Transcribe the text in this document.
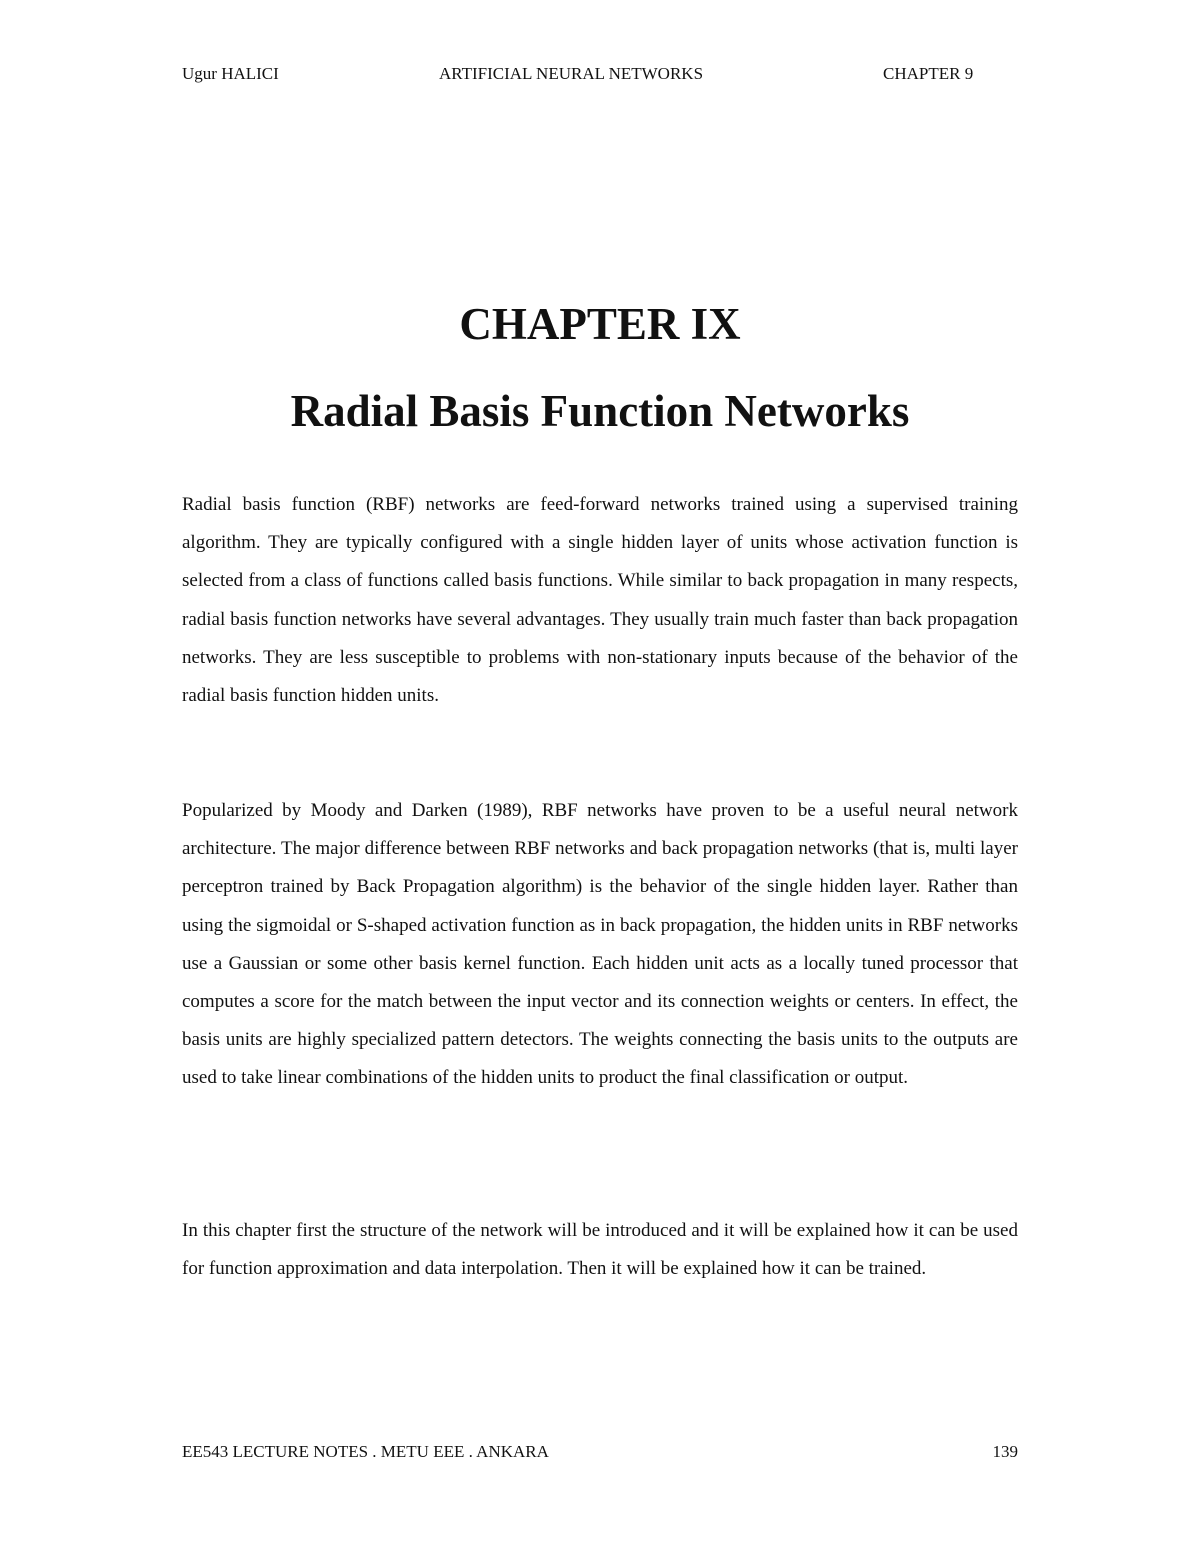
Ugur HALICI	ARTIFICIAL NEURAL NETWORKS	CHAPTER 9
CHAPTER IX
Radial Basis Function Networks

Radial basis function (RBF) networks are feed-forward networks trained using a supervised training algorithm. They are typically configured with a single hidden layer of units whose activation function is selected from a class of functions called basis functions. While similar to back propagation in many respects, radial basis function networks have several advantages. They usually train much faster than back propagation networks. They are less susceptible to problems with non-stationary inputs because of the behavior of the radial basis function hidden units.

Popularized by Moody and Darken (1989), RBF networks have proven to be a useful neural network architecture. The major difference between RBF networks and back propagation networks (that is, multi layer perceptron trained by Back Propagation algorithm) is the behavior of the single hidden layer. Rather than using the sigmoidal or S-shaped activation function as in back propagation, the hidden units in RBF networks use a Gaussian or some other basis kernel function. Each hidden unit acts as a locally tuned processor that computes a score for the match between the input vector and its connection weights or centers. In effect, the basis units are highly specialized pattern detectors. The weights connecting the basis units to the outputs are used to take linear combinations of the hidden units to product the final classification or output.

In this chapter first the structure of the network will be introduced and it will be explained how it can be used for function approximation and data interpolation. Then it will be explained how it can be trained.

EE543 LECTURE NOTES . METU EEE . ANKARA	139
